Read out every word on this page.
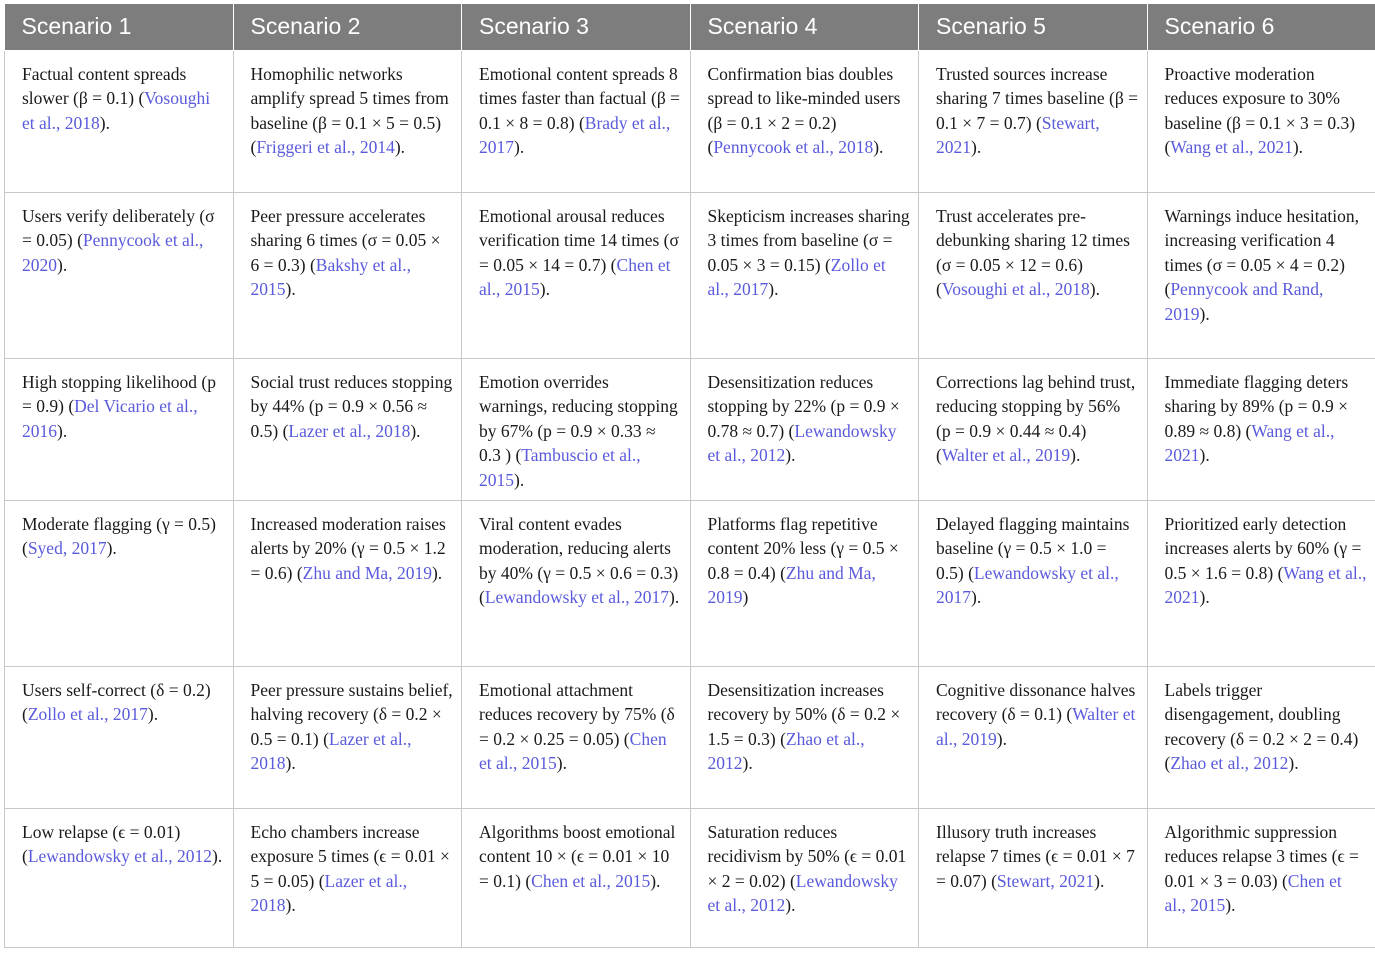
Scenario 1	Scenario 2	Scenario 3	Scenario 4	Scenario 5	Scenario 6
Factual content spreads slower (β = 0.1) (Vosoughi et al., 2018).	Homophilic networks amplify spread 5 times from baseline (β = 0.1 × 5 = 0.5) (Friggeri et al., 2014).	Emotional content spreads 8 times faster than factual (β = 0.1 × 8 = 0.8) (Brady et al., 2017).	Confirmation bias doubles spread to like-minded users (β = 0.1 × 2 = 0.2) (Pennycook et al., 2018).	Trusted sources increase sharing 7 times baseline (β = 0.1 × 7 = 0.7) (Stewart, 2021).	Proactive moderation reduces exposure to 30% baseline (β = 0.1 × 3 = 0.3) (Wang et al., 2021).
Users verify deliberately (σ = 0.05) (Pennycook et al., 2020).	Peer pressure accelerates sharing 6 times (σ = 0.05 × 6 = 0.3) (Bakshy et al., 2015).	Emotional arousal reduces verification time 14 times (σ = 0.05 × 14 = 0.7) (Chen et al., 2015).	Skepticism increases sharing 3 times from baseline (σ = 0.05 × 3 = 0.15) (Zollo et al., 2017).	Trust accelerates pre-debunking sharing 12 times (σ = 0.05 × 12 = 0.6) (Vosoughi et al., 2018).	Warnings induce hesitation, increasing verification 4 times (σ = 0.05 × 4 = 0.2) (Pennycook and Rand, 2019).
High stopping likelihood (p = 0.9) (Del Vicario et al., 2016).	Social trust reduces stopping by 44% (p = 0.9 × 0.56 ≈ 0.5) (Lazer et al., 2018).	Emotion overrides warnings, reducing stopping by 67% (p = 0.9 × 0.33 ≈ 0.3 ) (Tambuscio et al., 2015).	Desensitization reduces stopping by 22% (p = 0.9 × 0.78 ≈ 0.7) (Lewandowsky et al., 2012).	Corrections lag behind trust, reducing stopping by 56% (p = 0.9 × 0.44 ≈ 0.4) (Walter et al., 2019).	Immediate flagging deters sharing by 89% (p = 0.9 × 0.89 ≈ 0.8) (Wang et al., 2021).
Moderate flagging (γ = 0.5) (Syed, 2017).	Increased moderation raises alerts by 20% (γ = 0.5 × 1.2 = 0.6) (Zhu and Ma, 2019).	Viral content evades moderation, reducing alerts by 40% (γ = 0.5 × 0.6 = 0.3) (Lewandowsky et al., 2017).	Platforms flag repetitive content 20% less (γ = 0.5 × 0.8 = 0.4) (Zhu and Ma, 2019)	Delayed flagging maintains baseline (γ = 0.5 × 1.0 = 0.5) (Lewandowsky et al., 2017).	Prioritized early detection increases alerts by 60% (γ = 0.5 × 1.6 = 0.8) (Wang et al., 2021).
Users self-correct (δ = 0.2) (Zollo et al., 2017).	Peer pressure sustains belief, halving recovery (δ = 0.2 × 0.5 = 0.1) (Lazer et al., 2018).	Emotional attachment reduces recovery by 75% (δ = 0.2 × 0.25 = 0.05) (Chen et al., 2015).	Desensitization increases recovery by 50% (δ = 0.2 × 1.5 = 0.3) (Zhao et al., 2012).	Cognitive dissonance halves recovery (δ = 0.1) (Walter et al., 2019).	Labels trigger disengagement, doubling recovery (δ = 0.2 × 2 = 0.4) (Zhao et al., 2012).
Low relapse (ϵ = 0.01) (Lewandowsky et al., 2012).	Echo chambers increase exposure 5 times (ϵ = 0.01 × 5 = 0.05) (Lazer et al., 2018).	Algorithms boost emotional content 10 × (ϵ = 0.01 × 10 = 0.1) (Chen et al., 2015).	Saturation reduces recidivism by 50% (ϵ = 0.01 × 2 = 0.02) (Lewandowsky et al., 2012).	Illusory truth increases relapse 7 times (ϵ = 0.01 × 7 = 0.07) (Stewart, 2021).	Algorithmic suppression reduces relapse 3 times (ϵ = 0.01 × 3 = 0.03) (Chen et al., 2015).
